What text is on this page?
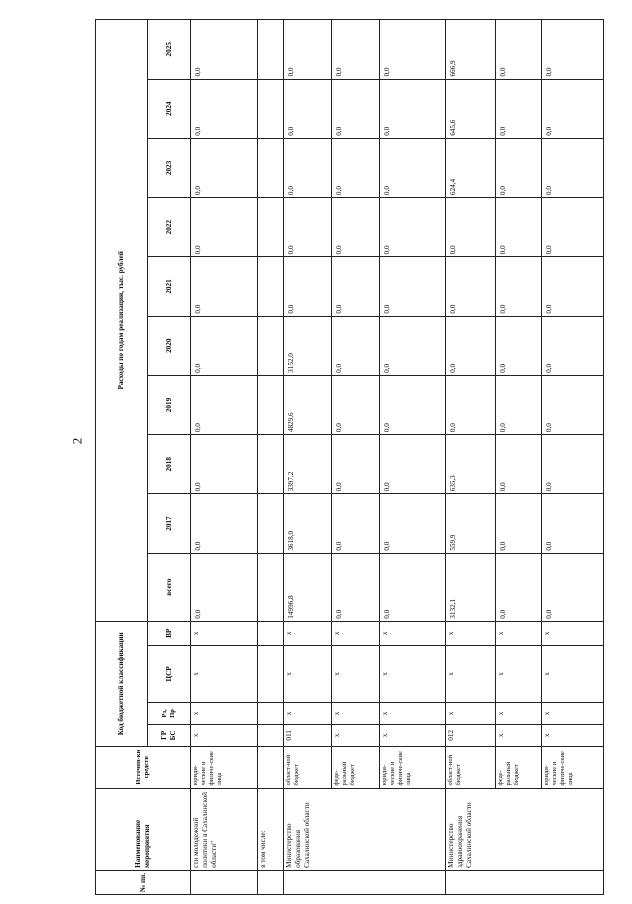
2
№ пп.	Наименование мероприятия	Источни-ки средств	Код бюджетной классификации				Расходы по годам реализации, тыс. рублей									
			ГР БС	Рз, Пр	ЦСР	ВР	всего	2017	2018	2019	2020	2021	2022	2023	2024	2025
	сти молодежной политики в Сахалинской области"	юриди-ческие и физиче-ские лица	х	х	х	х	0,0	0,0	0,0	0,0	0,0	0,0	0,0	0,0	0,0	0,0
	в том числе:															
	Министерство образования Сахалинской области	област-ной бюджет	011	х	х	х	14996,8	3618,0	3397,2	4829,6	3152,0	0,0	0,0	0,0	0,0	0,0
		феде-ральный бюджет	х	х	х	х	0,0	0,0	0,0	0,0	0,0	0,0	0,0	0,0	0,0	0,0
		юриди-ческие и физиче-ские лица	х	х	х	х	0,0	0,0	0,0	0,0	0,0	0,0	0,0	0,0	0,0	0,0
	Министерство здравоохранения Сахалинской области	област-ной бюджет	012	х	х	х	3132,1	559,9	635,3	0,0	0,0	0,0	0,0	624,4	645,6	666,9
		феде-ральный бюджет	х	х	х	х	0,0	0,0	0,0	0,0	0,0	0,0	0,0	0,0	0,0	0,0
		юриди-ческие и физиче-ские лица	х	х	х	х	0,0	0,0	0,0	0,0	0,0	0,0	0,0	0,0	0,0	0,0
